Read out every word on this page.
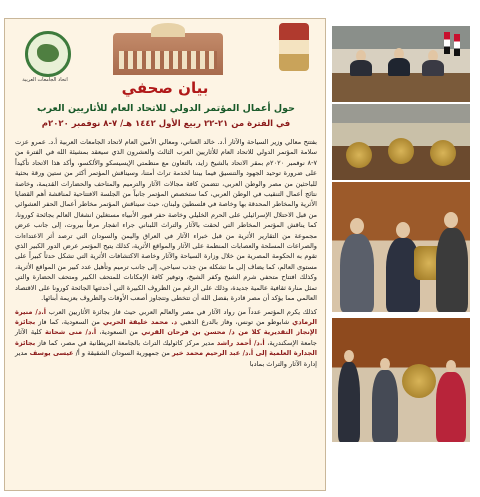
اتحاد الجامعات العربية	بيان صحفي
حول أعمال المؤتمر الدولي للاتحاد العام للأثاريين العرب
في الفترة من ٢١-٢٢ ربيع الأول ١٤٤٢ هـ/ ٧-٨ نوفمبر ٢٠٢٠م

بفتتح معالي وزير السياحة والآثار أ.د. خالد العناني، ومعالي الأمين العام لاتحاد الجامعات العربية أ.د. عمرو عزت سلامة المؤتمر الدولي للاتحاد العام للأثاريين العرب الثالث والعشرون الذي سيعقد بمشيئة الله في الفترة من ٧-٨ نوفمبر ٢٠٢٠م بمقر الاتحاد بالشيخ زايد، بالتعاون مع منظمتي الإيسيسكو والألكسو، وأكد هذا الاتحاد تأكيداً على ضرورة توحيد الجهود والتنسيق فيما بيننا لخدمة تراث أمتنا، وسيناقش المؤتمر أكثر من ستين ورقة بحثية للباحثين من مصر والوطن العربي، تتضمن كافة مجالات الآثار والترميم والمتاحف والحضارات القديمة، وخاصة نتائج أعمال التنقيب في الوطن العربي، كما ستخصص المؤتمر جانباً من الجلسة الافتتاحية لمناقشة أهم القضايا الأثرية والمخاطر المحدقة بها وخاصة في فلسطين ولبنان، حيث سيناقش المؤتمر مخاطر أعمال الحفر العشوائي من قبل الاحتلال الإسرائيلي على الحرم الخليلي وخاصة حفر قبور الأنبياء مستغلين انشغال العالم بجائحة كورونا، كما يناقش المؤتمر المخاطر التي لحقت بالآثار والتراث اللبناني جراء انفجار مرفأ بيروت، إلى جانب عرض مجموعة من التقارير الأثرية من قبل خبراء الآثار في العراق واليمن والسودان التي ترصد أثر الاعتداءات والصراعات المسلحة والعصابات المنظمة على الآثار والمواقع الأثرية، كذلك يتيح المؤتمر عرض الدور الكبير الذي تقوم به الحكومة المصرية من خلال وزارة السياحة والآثار وخاصة الاكتشافات الأثرية التي تشكل حدثاً كبيراً على مستوى العالم، كما يضاف إلى ما تشكله من جذب سياحي، إلى جانب ترميم وتأهيل عدد كبير من المواقع الأثرية، وكذلك افتتاح متحفي شرم الشيخ وكفر الشيخ، وتوفير كافة الإمكانات للمتحف الكبير ومتحف الحضارة والتي تمثل منارة ثقافية عالمية جديدة، وذلك على الرغم من الظروف الكبيرة التي أحدثتها الجائحة كورونا على الاقتصاد العالمي مما يؤكد أن مصر قادرة بفضل الله أن تتخطى وتتجاوز أصعب الأوقات والظروف بعزيمة أبنائها.

كذلك يكرم المؤتمر عدداً من رواد الآثار في مصر والعالم العربي حيث فاز بجائزة الأثاريين العرب أ.د/ منيرة الرمادي شابوطو من تونس، وفاز بالدرع الذهبي د. محمد خليفة الحربي من السعودية، كما فاز بجائزة الإنجاز التقديرية كلا من د/ محسن بن فرحان القرني من السعودية، أ.د/ منى شحاتة كلية الآثار جامعة الإسكندرية، أ.د/ أحمد راشد مدير مركز كاثوليك التراث بالجامعة البريطانية في مصر، كما فاز بجائزة الجدارة العلمية إلى أ.د/ عبد الرحيم محمد خير من جمهورية السودان الشقيقة و أ/ عيسى يوسف مدير إدارة الآثار والتراث بمادبا
